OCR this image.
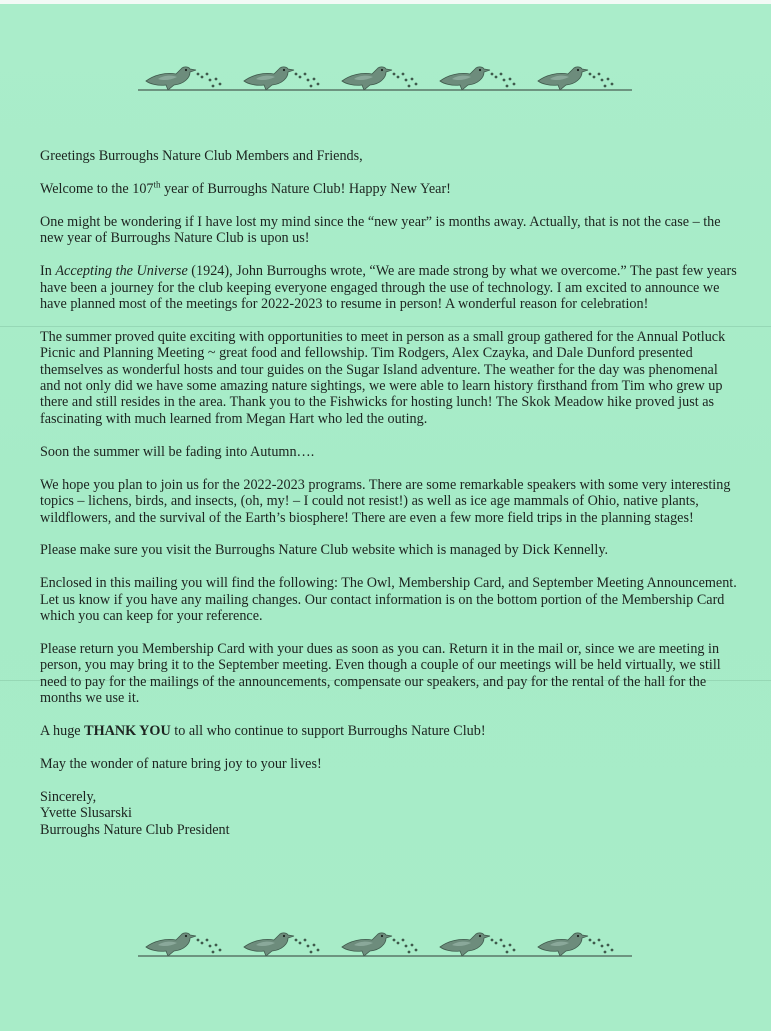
Greetings Burroughs Nature Club Members and Friends,

Welcome to the 107th year of Burroughs Nature Club! Happy New Year!

One might be wondering if I have lost my mind since the “new year” is months away. Actually, that is not the case – the new year of Burroughs Nature Club is upon us!

In Accepting the Universe (1924), John Burroughs wrote, “We are made strong by what we overcome.” The past few years have been a journey for the club keeping everyone engaged through the use of technology. I am excited to announce we have planned most of the meetings for 2022-2023 to resume in person! A wonderful reason for celebration!

The summer proved quite exciting with opportunities to meet in person as a small group gathered for the Annual Potluck Picnic and Planning Meeting ~ great food and fellowship. Tim Rodgers, Alex Czayka, and Dale Dunford presented themselves as wonderful hosts and tour guides on the Sugar Island adventure. The weather for the day was phenomenal and not only did we have some amazing nature sightings, we were able to learn history firsthand from Tim who grew up there and still resides in the area. Thank you to the Fishwicks for hosting lunch! The Skok Meadow hike proved just as fascinating with much learned from Megan Hart who led the outing.

Soon the summer will be fading into Autumn….

We hope you plan to join us for the 2022-2023 programs. There are some remarkable speakers with some very interesting topics – lichens, birds, and insects, (oh, my! – I could not resist!) as well as ice age mammals of Ohio, native plants, wildflowers, and the survival of the Earth’s biosphere! There are even a few more field trips in the planning stages!

Please make sure you visit the Burroughs Nature Club website which is managed by Dick Kennelly.

Enclosed in this mailing you will find the following: The Owl, Membership Card, and September Meeting Announcement. Let us know if you have any mailing changes. Our contact information is on the bottom portion of the Membership Card which you can keep for your reference.

Please return you Membership Card with your dues as soon as you can. Return it in the mail or, since we are meeting in person, you may bring it to the September meeting. Even though a couple of our meetings will be held virtually, we still need to pay for the mailings of the announcements, compensate our speakers, and pay for the rental of the hall for the months we use it.

A huge THANK YOU to all who continue to support Burroughs Nature Club!

May the wonder of nature bring joy to your lives!

Sincerely,
Yvette Slusarski
Burroughs Nature Club President
